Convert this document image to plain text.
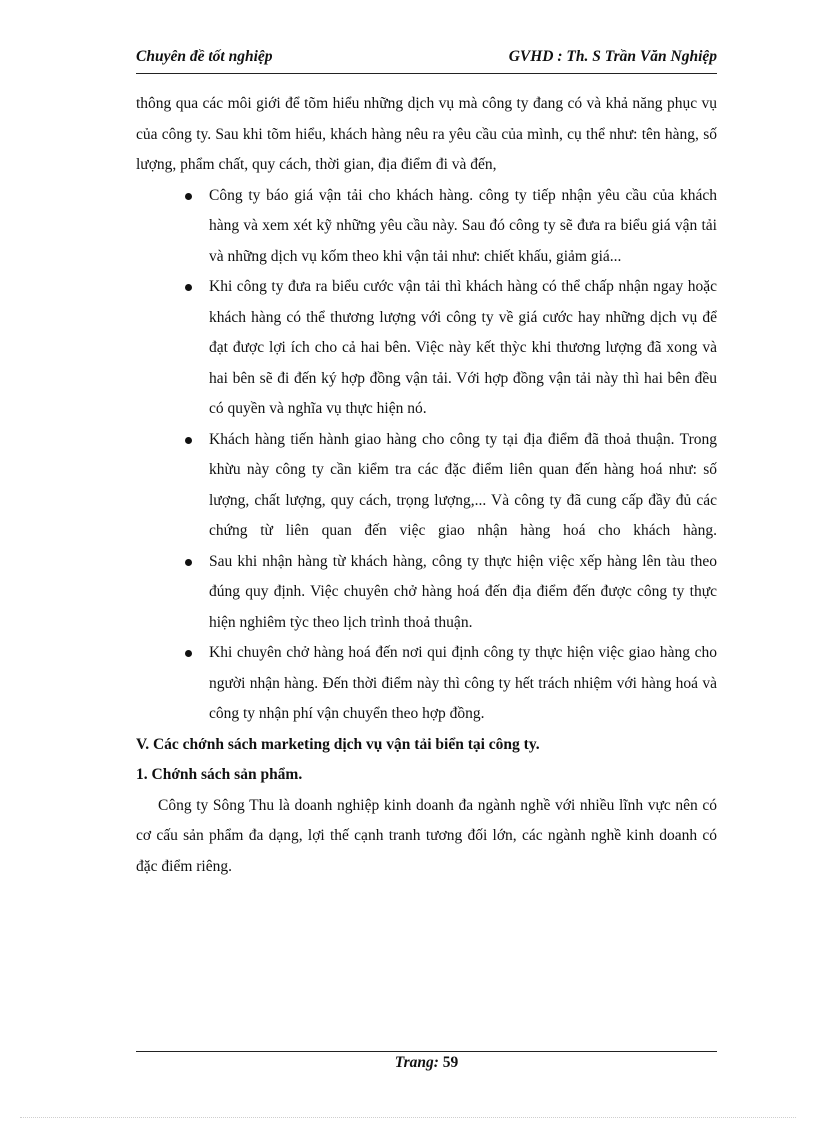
Chuyên đề tốt nghiệp	GVHD : Th. S Trần Văn Nghiệp

thông qua các môi giới để tõm hiểu những dịch vụ mà công ty đang có và khả năng phục vụ của công ty. Sau khi tõm hiểu, khách hàng nêu ra yêu cầu của mình, cụ thể như: tên hàng, số lượng, phẩm chất, quy cách, thời gian, địa điểm đi và đến,

Công ty báo giá vận tải cho khách hàng. công ty tiếp nhận yêu cầu của khách hàng và xem xét kỹ những yêu cầu này. Sau đó công ty sẽ đưa ra biểu giá vận tải và những dịch vụ kốm theo khi vận tải như: chiết khấu, giảm giá...
Khi công ty đưa ra biểu cước vận tải thì khách hàng có thể chấp nhận ngay hoặc khách hàng có thể thương lượng với công ty về giá cước hay những dịch vụ để đạt được lợi ích cho cả hai bên. Việc này kết thỳc khi thương lượng đã xong và hai bên sẽ đi đến ký hợp đồng vận tải. Với hợp đồng vận tải này thì hai bên đều có quyền và nghĩa vụ thực hiện nó.
Khách hàng tiến hành giao hàng cho công ty tại địa điểm đã thoả thuận. Trong khừu này công ty cần kiểm tra các đặc điểm liên quan đến hàng hoá như: số lượng, chất lượng, quy cách, trọng lượng,... Và công ty đã cung cấp đầy đủ các chứng từ liên quan đến việc giao nhận hàng hoá cho khách hàng.
Sau khi nhận hàng từ khách hàng, công ty thực hiện việc xếp hàng lên tàu theo đúng quy định. Việc chuyên chở hàng hoá đến địa điểm đến được công ty thực hiện nghiêm tỳc theo lịch trình thoả thuận.
Khi chuyên chở hàng hoá đến nơi qui định công ty thực hiện việc giao hàng cho người nhận hàng. Đến thời điểm này thì công ty hết trách nhiệm với hàng hoá và công ty nhận phí vận chuyển theo hợp đồng.

V. Các chớnh sách marketing dịch vụ vận tải biển tại công ty.

1. Chớnh sách sản phẩm.

Công ty Sông Thu là doanh nghiệp kinh doanh đa ngành nghề với nhiều lĩnh vực nên có cơ cấu sản phẩm đa dạng, lợi thế cạnh tranh tương đối lớn, các ngành nghề kinh doanh có đặc điểm riêng.

Trang: 59
